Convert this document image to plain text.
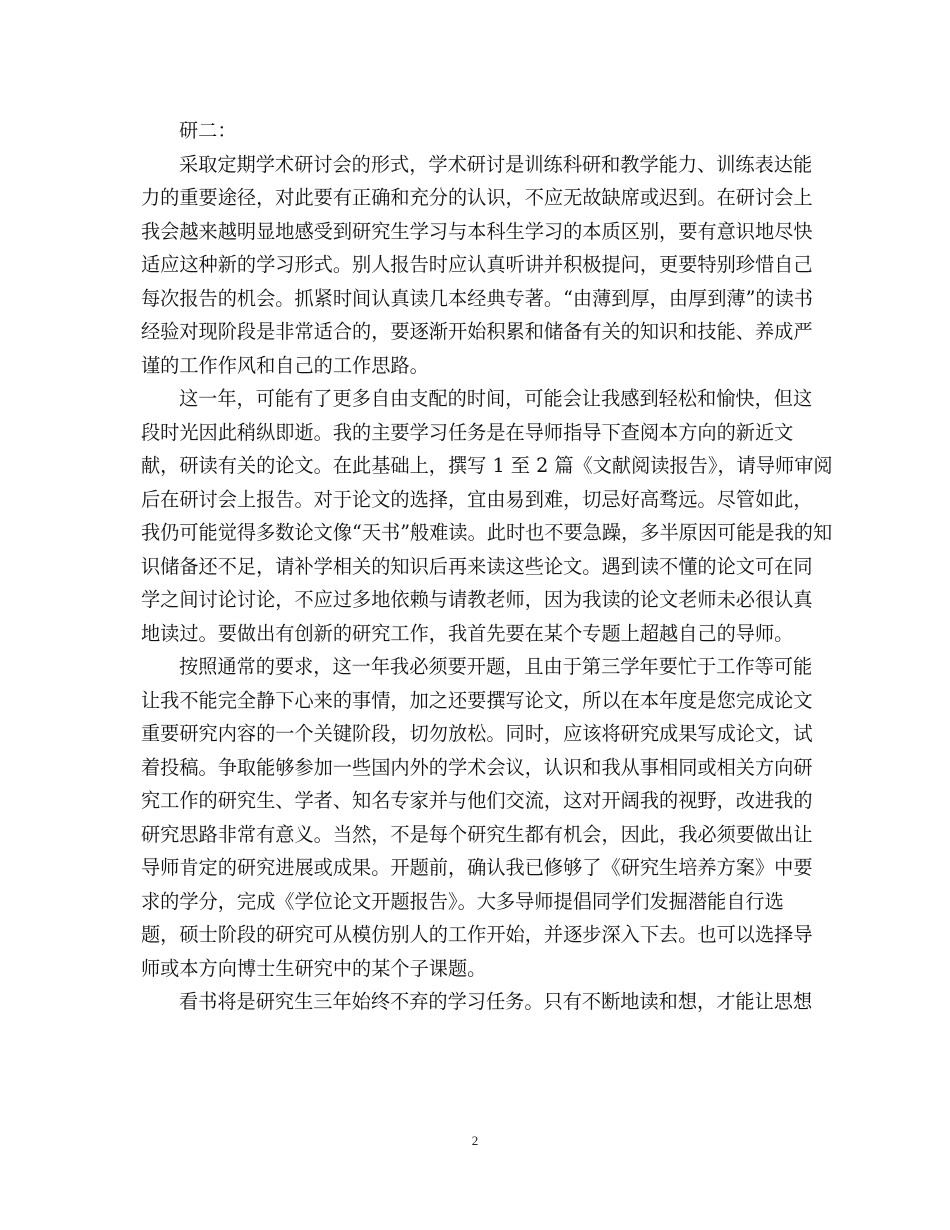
研二：

采取定期学术研讨会的形式，学术研讨是训练科研和教学能力、训练表达能
力的重要途径，对此要有正确和充分的认识，不应无故缺席或迟到。在研讨会上
我会越来越明显地感受到研究生学习与本科生学习的本质区别，要有意识地尽快
适应这种新的学习形式。别人报告时应认真听讲并积极提问，更要特别珍惜自己
每次报告的机会。抓紧时间认真读几本经典专著。“由薄到厚，由厚到薄”的读书
经验对现阶段是非常适合的，要逐渐开始积累和储备有关的知识和技能、养成严
谨的工作作风和自己的工作思路。

这一年，可能有了更多自由支配的时间，可能会让我感到轻松和愉快，但这
段时光因此稍纵即逝。我的主要学习任务是在导师指导下查阅本方向的新近文
献，研读有关的论文。在此基础上，撰写 1 至 2 篇《文献阅读报告》，请导师审阅
后在研讨会上报告。对于论文的选择，宜由易到难，切忌好高骛远。尽管如此，
我仍可能觉得多数论文像“天书”般难读。此时也不要急躁，多半原因可能是我的知
识储备还不足，请补学相关的知识后再来读这些论文。遇到读不懂的论文可在同
学之间讨论讨论，不应过多地依赖与请教老师，因为我读的论文老师未必很认真
地读过。要做出有创新的研究工作，我首先要在某个专题上超越自己的导师。

按照通常的要求，这一年我必须要开题，且由于第三学年要忙于工作等可能
让我不能完全静下心来的事情，加之还要撰写论文，所以在本年度是您完成论文
重要研究内容的一个关键阶段，切勿放松。同时，应该将研究成果写成论文，试
着投稿。争取能够参加一些国内外的学术会议，认识和我从事相同或相关方向研
究工作的研究生、学者、知名专家并与他们交流，这对开阔我的视野，改进我的
研究思路非常有意义。当然，不是每个研究生都有机会，因此，我必须要做出让
导师肯定的研究进展或成果。开题前，确认我已修够了《研究生培养方案》中要
求的学分，完成《学位论文开题报告》。大多导师提倡同学们发掘潜能自行选
题，硕士阶段的研究可从模仿别人的工作开始，并逐步深入下去。也可以选择导
师或本方向博士生研究中的某个子课题。

看书将是研究生三年始终不弃的学习任务。只有不断地读和想，才能让思想

2
